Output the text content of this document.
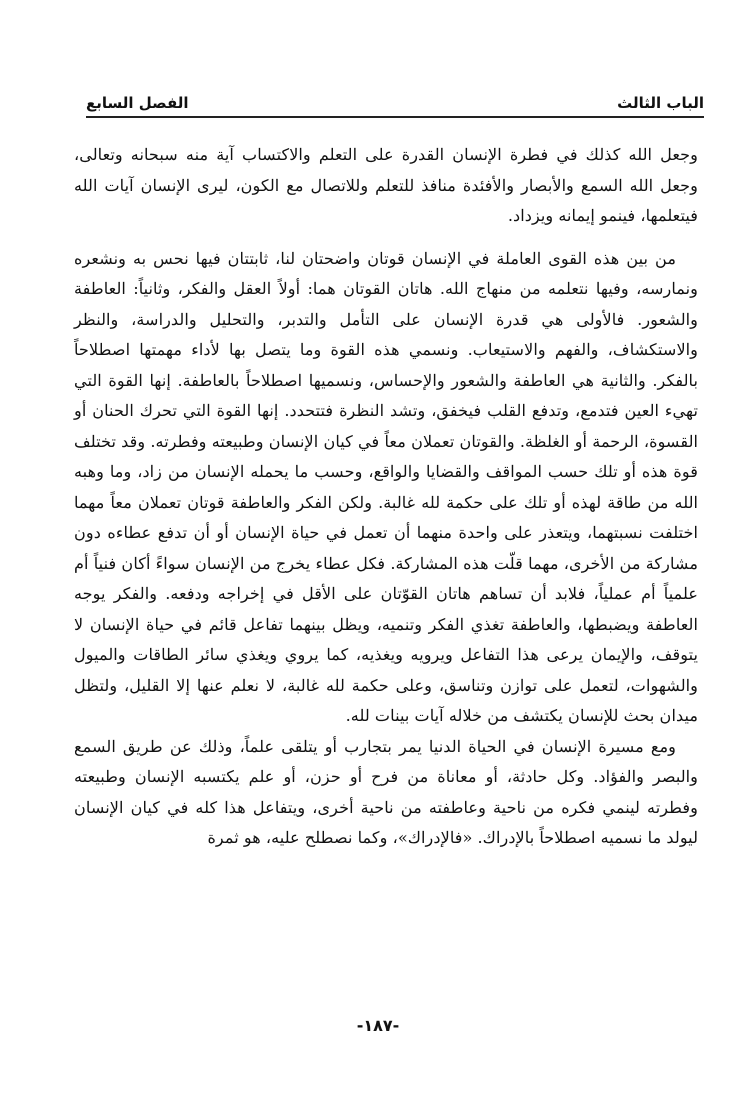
الباب الثالث
الفصل السابع

وجعل الله كذلك في فطرة الإنسان القدرة على التعلم والاكتساب آية منه سبحانه وتعالى، وجعل الله السمع والأبصار والأفئدة منافذ للتعلم وللاتصال مع الكون، ليرى الإنسان آيات الله فيتعلمها، فينمو إيمانه ويزداد.

من بين هذه القوى العاملة في الإنسان قوتان واضحتان لنا، ثابتتان فيها نحس به ونشعره ونمارسه، وفيها نتعلمه من منهاج الله. هاتان القوتان هما: أولاً العقل والفكر، وثانياً: العاطفة والشعور. فالأولى هي قدرة الإنسان على التأمل والتدبر، والتحليل والدراسة، والنظر والاستكشاف، والفهم والاستيعاب. ونسمي هذه القوة وما يتصل بها لأداء مهمتها اصطلاحاً بالفكر. والثانية هي العاطفة والشعور والإحساس، ونسميها اصطلاحاً بالعاطفة. إنها القوة التي تهيء العين فتدمع، وتدفع القلب فيخفق، وتشد النظرة فتتحدد. إنها القوة التي تحرك الحنان أو القسوة، الرحمة أو الغلظة. والقوتان تعملان معاً في كيان الإنسان وطبيعته وفطرته. وقد تختلف قوة هذه أو تلك حسب المواقف والقضايا والواقع، وحسب ما يحمله الإنسان من زاد، وما وهبه الله من طاقة لهذه أو تلك على حكمة لله غالبة. ولكن الفكر والعاطفة قوتان تعملان معاً مهما اختلفت نسبتهما، ويتعذر على واحدة منهما أن تعمل في حياة الإنسان أو أن تدفع عطاءه دون مشاركة من الأخرى، مهما قلّت هذه المشاركة. فكل عطاء يخرج من الإنسان سواءً أكان فنياً أم علمياً أم عملياً، فلابد أن تساهم هاتان القوّتان على الأقل في إخراجه ودفعه. والفكر يوجه العاطفة ويضبطها، والعاطفة تغذي الفكر وتنميه، ويظل بينهما تفاعل قائم في حياة الإنسان لا يتوقف، والإيمان يرعى هذا التفاعل ويرويه ويغذيه، كما يروي ويغذي سائر الطاقات والميول والشهوات، لتعمل على توازن وتناسق، وعلى حكمة لله غالبة، لا نعلم عنها إلا القليل، ولتظل ميدان بحث للإنسان يكتشف من خلاله آيات بينات لله.

ومع مسيرة الإنسان في الحياة الدنيا يمر بتجارب أو يتلقى علماً، وذلك عن طريق السمع والبصر والفؤاد. وكل حادثة، أو معاناة من فرح أو حزن، أو علم يكتسبه الإنسان وطبيعته وفطرته لينمي فكره من ناحية وعاطفته من ناحية أخرى، ويتفاعل هذا كله في كيان الإنسان ليولد ما نسميه اصطلاحاً بالإدراك. «فالإدراك»، وكما نصطلح عليه، هو ثمرة

-١٨٧-
